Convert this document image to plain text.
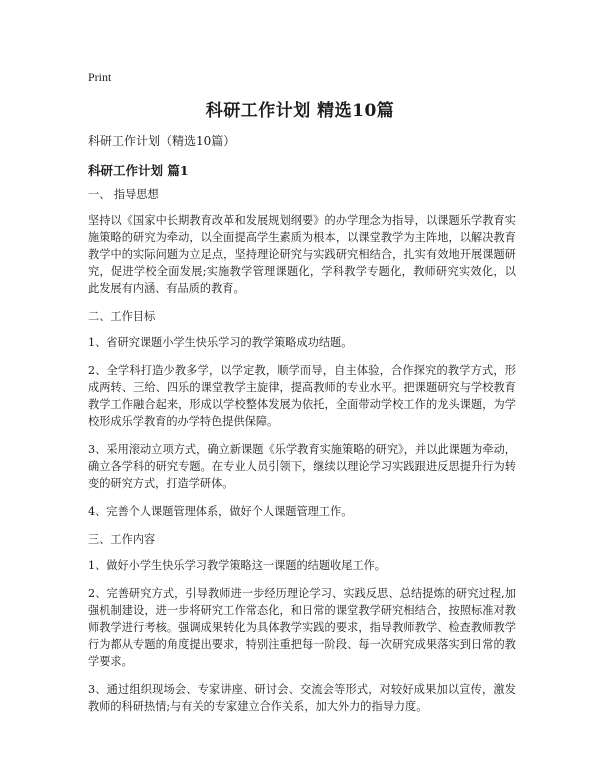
Print
科研工作计划 精选10篇
科研工作计划（精选10篇）
科研工作计划 篇1

一、 指导思想

坚持以《国家中长期教育改革和发展规划纲要》的办学理念为指导，以课题乐学教育实施策略的研究为牵动，以全面提高学生素质为根本，以课堂教学为主阵地，以解决教育教学中的实际问题为立足点，坚持理论研究与实践研究相结合，扎实有效地开展课题研究，促进学校全面发展;实施教学管理课题化，学科教学专题化，教师研究实效化，以此发展有内涵、有品质的教育。

二、工作目标

1、省研究课题小学生快乐学习的教学策略成功结题。

2、全学科打造少教多学，以学定教，顺学而导，自主体验，合作探究的教学方式，形成两转、三给、四乐的课堂教学主旋律，提高教师的专业水平。把课题研究与学校教育教学工作融合起来，形成以学校整体发展为依托，全面带动学校工作的龙头课题，为学校形成乐学教育的办学特色提供保障。

3、采用滚动立项方式，确立新课题《乐学教育实施策略的研究》，并以此课题为牵动，确立各学科的研究专题。在专业人员引领下，继续以理论学习实践跟进反思提升行为转变的研究方式，打造学研体。

4、完善个人课题管理体系，做好个人课题管理工作。

三、工作内容

1、做好小学生快乐学习教学策略这一课题的结题收尾工作。

2、完善研究方式，引导教师进一步经历理论学习、实践反思、总结提炼的研究过程,加强机制建设，进一步将研究工作常态化，和日常的课堂教学研究相结合，按照标准对教师教学进行考核。强调成果转化为具体教学实践的要求，指导教师教学、检查教师教学行为都从专题的角度提出要求，特别注重把每一阶段、每一次研究成果落实到日常的教学要求。

3、通过组织现场会、专家讲座、研讨会、交流会等形式，对较好成果加以宣传，激发教师的科研热情;与有关的专家建立合作关系，加大外力的指导力度。
